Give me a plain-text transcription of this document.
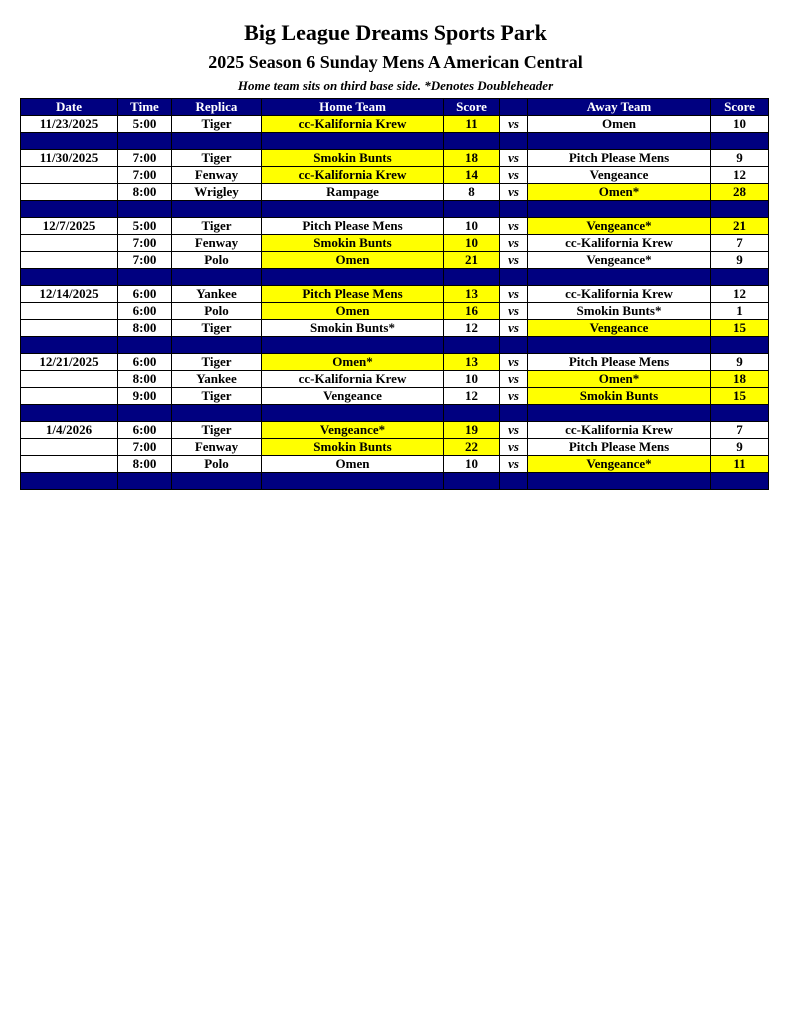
Big League Dreams Sports Park
2025 Season 6 Sunday Mens A American Central
Home team sits on third base side. *Denotes Doubleheader
Date	Time	Replica	Home Team	Score		Away Team	Score
11/23/2025	5:00	Tiger	cc-Kalifornia Krew	11	vs	Omen	10

11/30/2025	7:00	Tiger	Smokin Bunts	18	vs	Pitch Please Mens	9
	7:00	Fenway	cc-Kalifornia Krew	14	vs	Vengeance	12
	8:00	Wrigley	Rampage	8	vs	Omen*	28

12/7/2025	5:00	Tiger	Pitch Please Mens	10	vs	Vengeance*	21
	7:00	Fenway	Smokin Bunts	10	vs	cc-Kalifornia Krew	7
	7:00	Polo	Omen	21	vs	Vengeance*	9

12/14/2025	6:00	Yankee	Pitch Please Mens	13	vs	cc-Kalifornia Krew	12
	6:00	Polo	Omen	16	vs	Smokin Bunts*	1
	8:00	Tiger	Smokin Bunts*	12	vs	Vengeance	15

12/21/2025	6:00	Tiger	Omen*	13	vs	Pitch Please Mens	9
	8:00	Yankee	cc-Kalifornia Krew	10	vs	Omen*	18
	9:00	Tiger	Vengeance	12	vs	Smokin Bunts	15

1/4/2026	6:00	Tiger	Vengeance*	19	vs	cc-Kalifornia Krew	7
	7:00	Fenway	Smokin Bunts	22	vs	Pitch Please Mens	9
	8:00	Polo	Omen	10	vs	Vengeance*	11
